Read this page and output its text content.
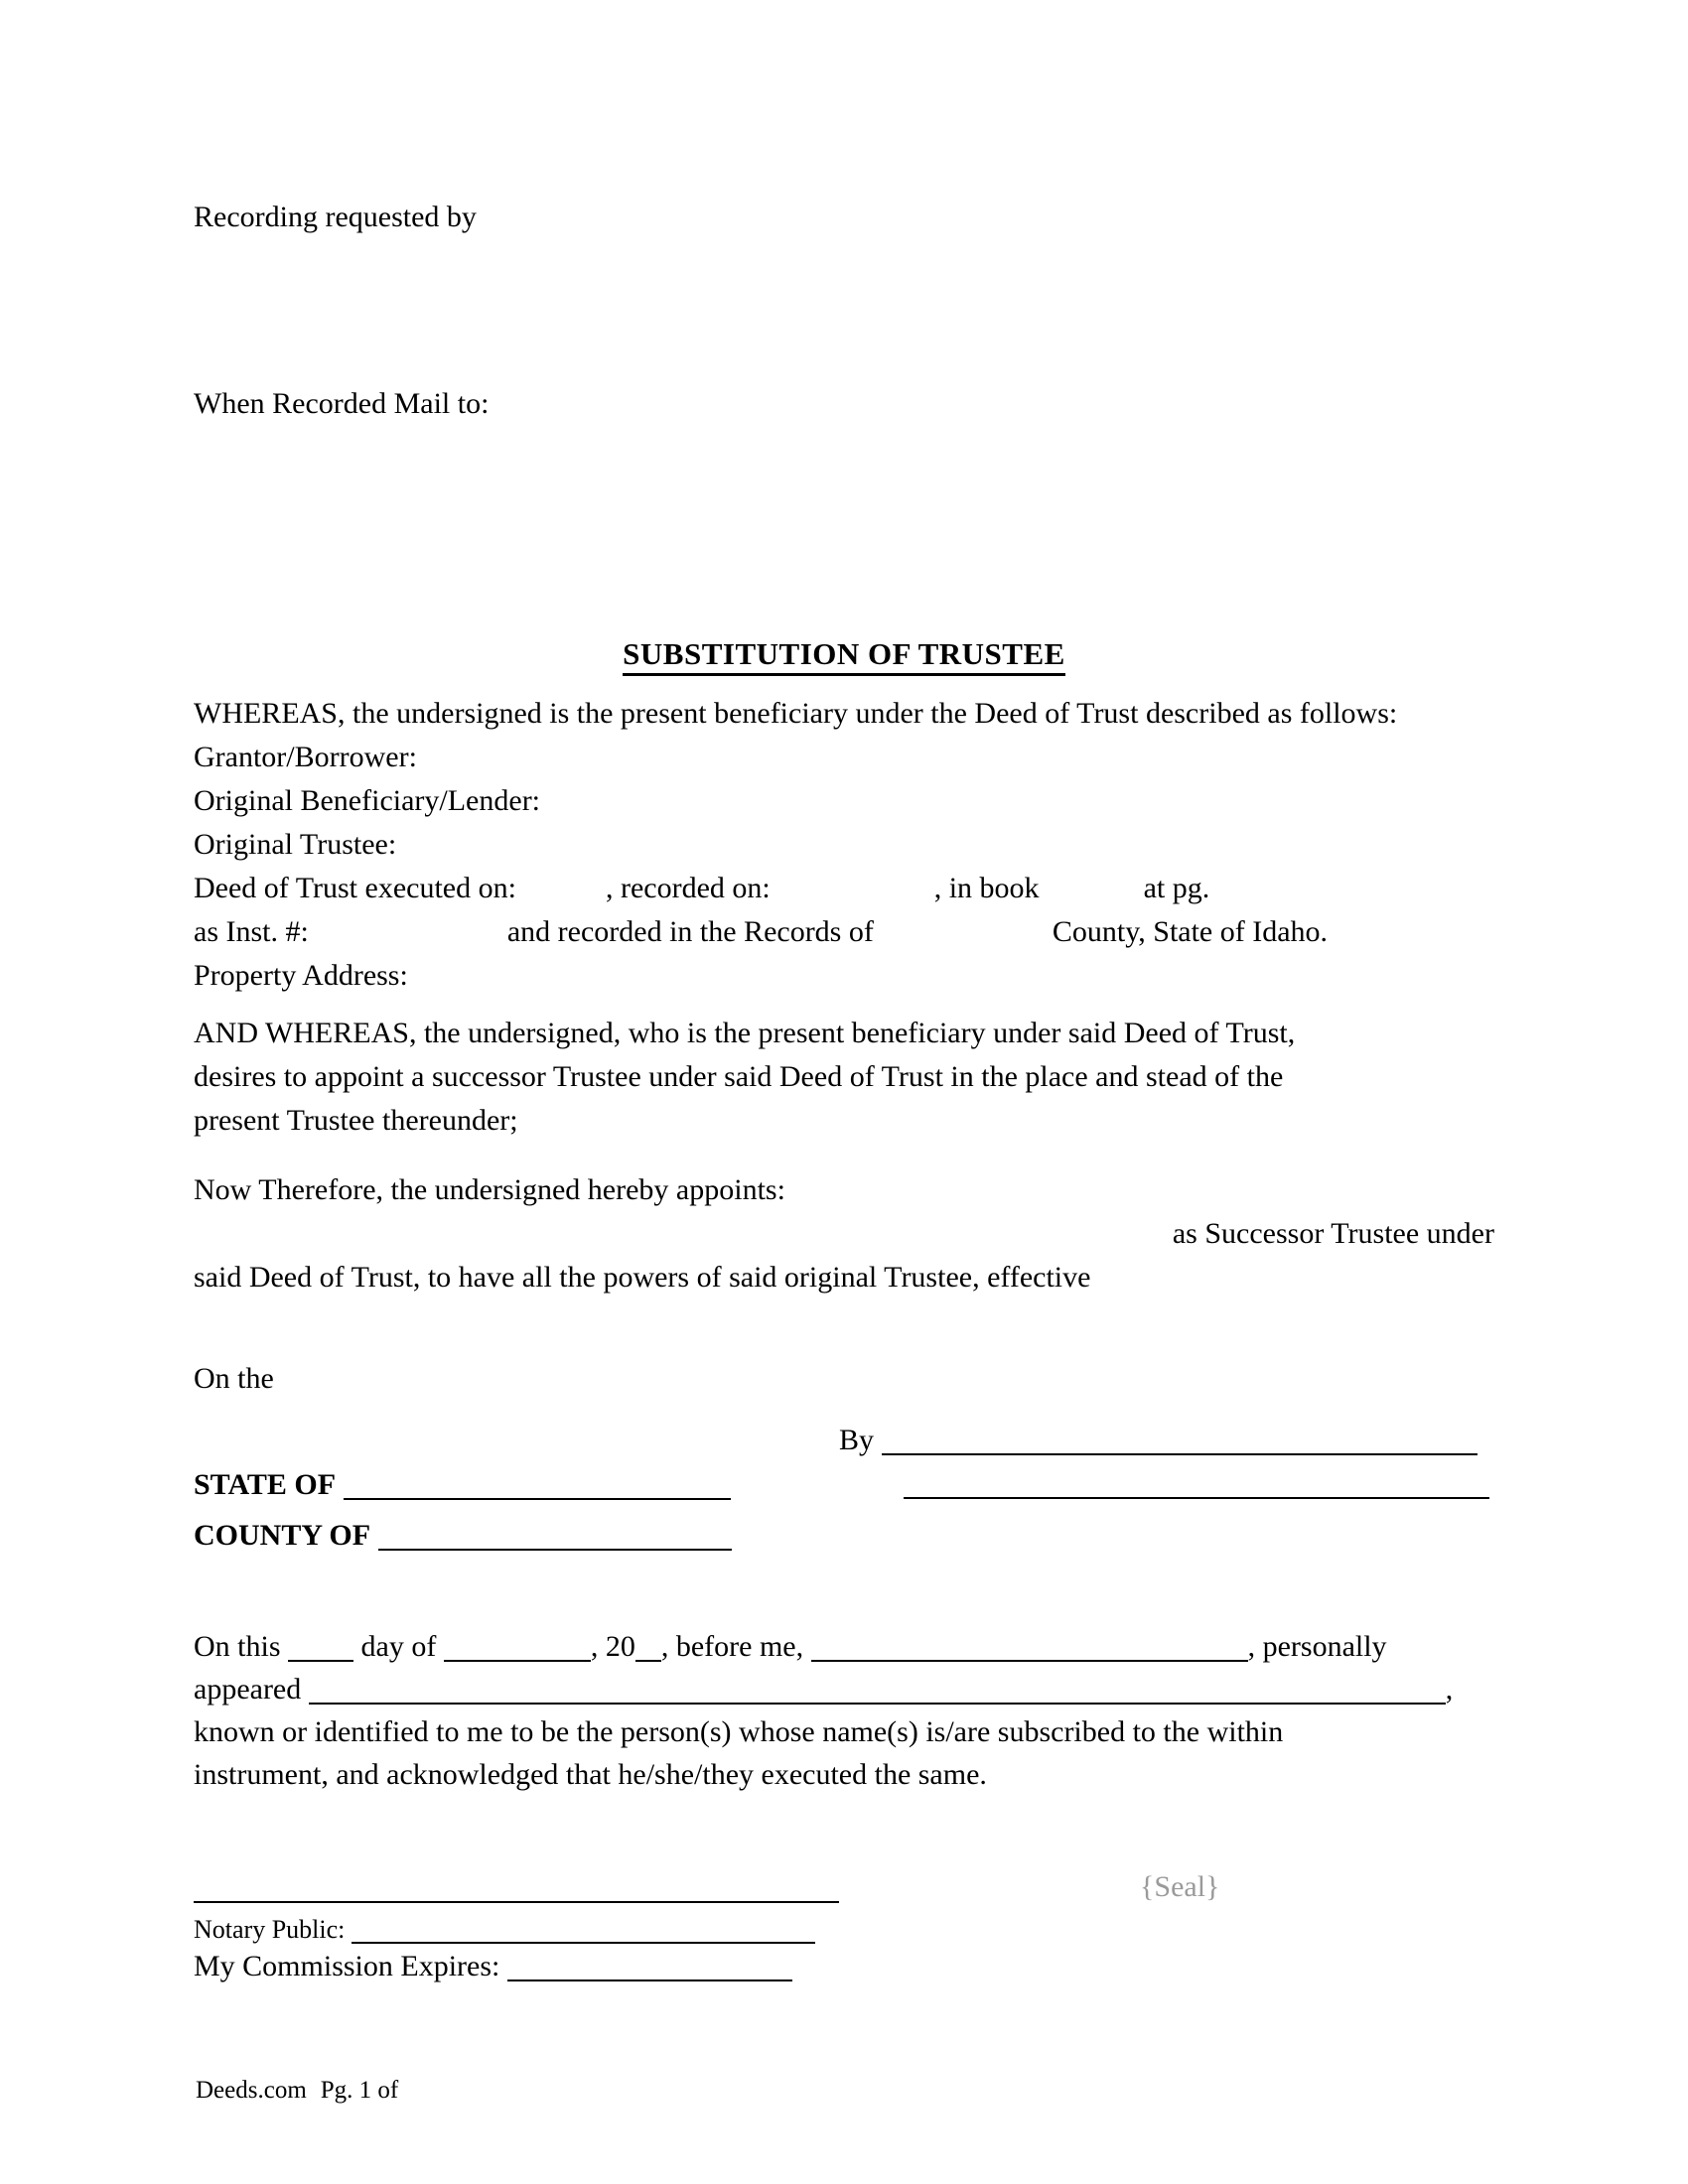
Recording requested by
When Recorded Mail to:
SUBSTITUTION OF TRUSTEE
WHEREAS, the undersigned is the present beneficiary under the Deed of Trust described as follows:
Grantor/Borrower:
Original Beneficiary/Lender:
Original Trustee:
Deed of Trust executed on:	, recorded on:	, in book	at pg.
as Inst. #:	and recorded in the Records of	County, State of Idaho.
Property Address:
AND WHEREAS, the undersigned, who is the present beneficiary under said Deed of Trust,
desires to appoint a successor Trustee under said Deed of Trust in the place and stead of the
present Trustee thereunder;
Now Therefore, the undersigned hereby appoints:
as Successor Trustee under
said Deed of Trust, to have all the powers of said original Trustee, effective
On the
By
STATE OF
COUNTY OF
On this	day of	, 20 , before me,	, personally
appeared	,
known or identified to me to be the person(s) whose name(s) is/are subscribed to the within
instrument, and acknowledged that he/she/they executed the same.
Notary Public:
My Commission Expires:
{Seal}
Deeds.com Pg. 1 of
